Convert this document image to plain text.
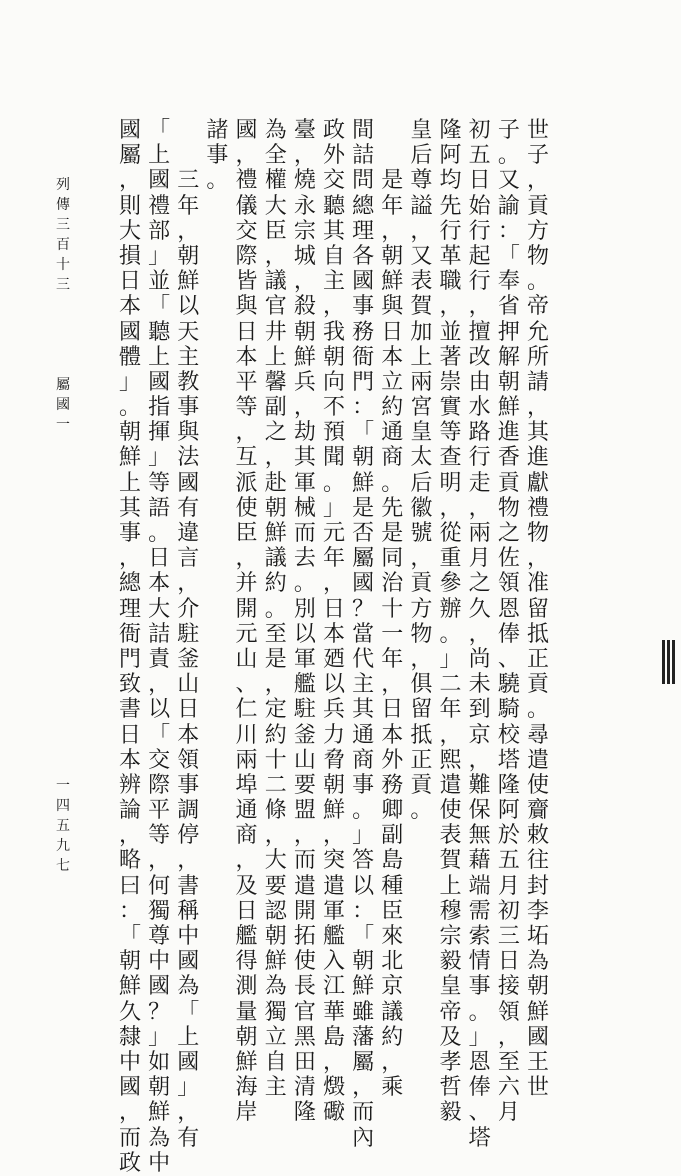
世
子
，
貢
方
物
。
帝
允
所
請
，
其
進
獻
禮
物
，
准
留
抵
正
貢
。
尋
遣
使
齎
敕
往
封
李
坧
為
朝
鮮
國
王
世
子
。
又
諭
：
「
奉
省
押
解
朝
鮮
進
香
貢
物
之
佐
領
恩
俸
、
驍
騎
校
塔
隆
阿
於
五
月
初
三
日
接
領
，
至
六
月
初
五
日
始
行
起
行
，
擅
改
由
水
路
行
走
，
兩
月
之
久
，
尚
未
到
京
，
難
保
無
藉
端
需
索
情
事
。
」
恩
俸
、
塔
隆
阿
均
先
行
革
職
，
並
著
崇
實
等
查
明
，
從
重
參
辦
。
」
二
年
，
熙
遣
使
表
賀
上
穆
宗
毅
皇
帝
及
孝
哲
毅
皇
后
尊
謚
，
又
表
賀
加
上
兩
宮
皇
太
后
徽
號
，
貢
方
物
，
俱
留
抵
正
貢
。

是
年
，
朝
鮮
與
日
本
立
約
通
商
。
先
是
同
治
十
一
年
，
日
本
外
務
卿
副
島
種
臣
來
北
京
議
約
，
乘
間
詰
問
總
理
各
國
事
務
衙
門
：
「
朝
鮮
是
否
屬
國
？
當
代
主
其
通
商
事
。
」
答
以
：
「
朝
鮮
雖
藩
屬
，
而
內
政
外
交
聽
其
自
主
，
我
朝
向
不
預
聞
。
」
元
年
，
日
本
廼
以
兵
力
脅
朝
鮮
，
突
遣
軍
艦
入
江
華
島
，
燬
礮
臺
，
燒
永
宗
城
，
殺
朝
鮮
兵
，
劫
其
軍
械
而
去
。
別
以
軍
艦
駐
釜
山
要
盟
，
而
遣
開
拓
使
長
官
黑
田
清
隆
為
全
權
大
臣
，
議
官
井
上
馨
副
之
，
赴
朝
鮮
議
約
。
至
是
，
定
約
十
二
條
，
大
要
認
朝
鮮
為
獨
立
自
主
國
，
禮
儀
交
際
皆
與
日
本
平
等
，
互
派
使
臣
，
并
開
元
山
、
仁
川
兩
埠
通
商
，
及
日
艦
得
測
量
朝
鮮
海
岸
諸
事
。

三
年
，
朝
鮮
以
天
主
教
事
與
法
國
有
違
言
，
介
駐
釜
山
日
本
領
事
調
停
，
書
稱
中
國
為
「
上
國
」
，
有
「
上
國
禮
部
」
並
「
聽
上
國
指
揮
」
等
語
。
日
本
大
詰
責
，
以
「
交
際
平
等
，
何
獨
尊
中
國
？
」
如
朝
鮮
為
中
國
屬
，
則
大
損
日
本
國
體
」
。
朝
鮮
上
其
事
，
總
理
衙
門
致
書
日
本
辨
論
，
略
曰
：
「
朝
鮮
久
隸
中
國
，
而
政
列
傳
三
百
十
三
屬
國
一
一
四
五
九
七
